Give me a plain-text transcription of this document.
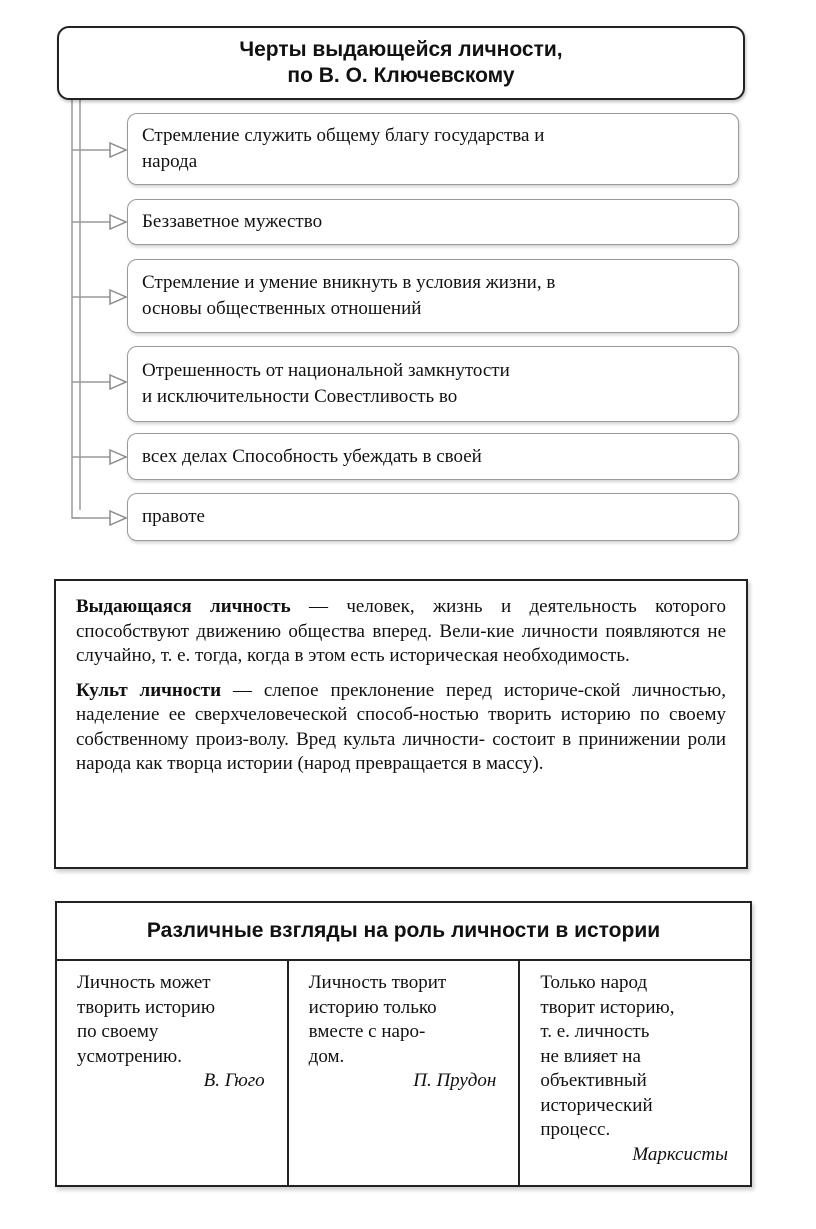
Черты выдающейся личности,
по В. О. Ключевскому
Стремление служить общему благу государства и
народа
Беззаветное мужество
Стремление и умение вникнуть в условия жизни, в
основы общественных отношений
Отрешенность от национальной замкнутости
и исключительности Совестливость во
всех делах Способность убеждать в своей
правоте

Выдающаяся личность — человек, жизнь и деятельность которого способствуют движению общества вперед. Вели-кие личности появляются не случайно, т. е. тогда, когда в этом есть историческая необходимость.

Культ личности — слепое преклонение перед историче-ской личностью, наделение ее сверхчеловеческой способ-ностью творить историю по своему собственному произ-волу. Вред культа личности- состоит в принижении роли народа как творца истории (народ превращается в массу).

Различные взгляды на роль личности в истории
Личность может
творить историю
по своему
усмотрению.
В. Гюго
Личность творит
историю только
вместе с наро-
дом.
П. Прудон
Только народ
творит историю,
т. е. личность
не влияет на
объективный
исторический
процесс.
Марксисты
